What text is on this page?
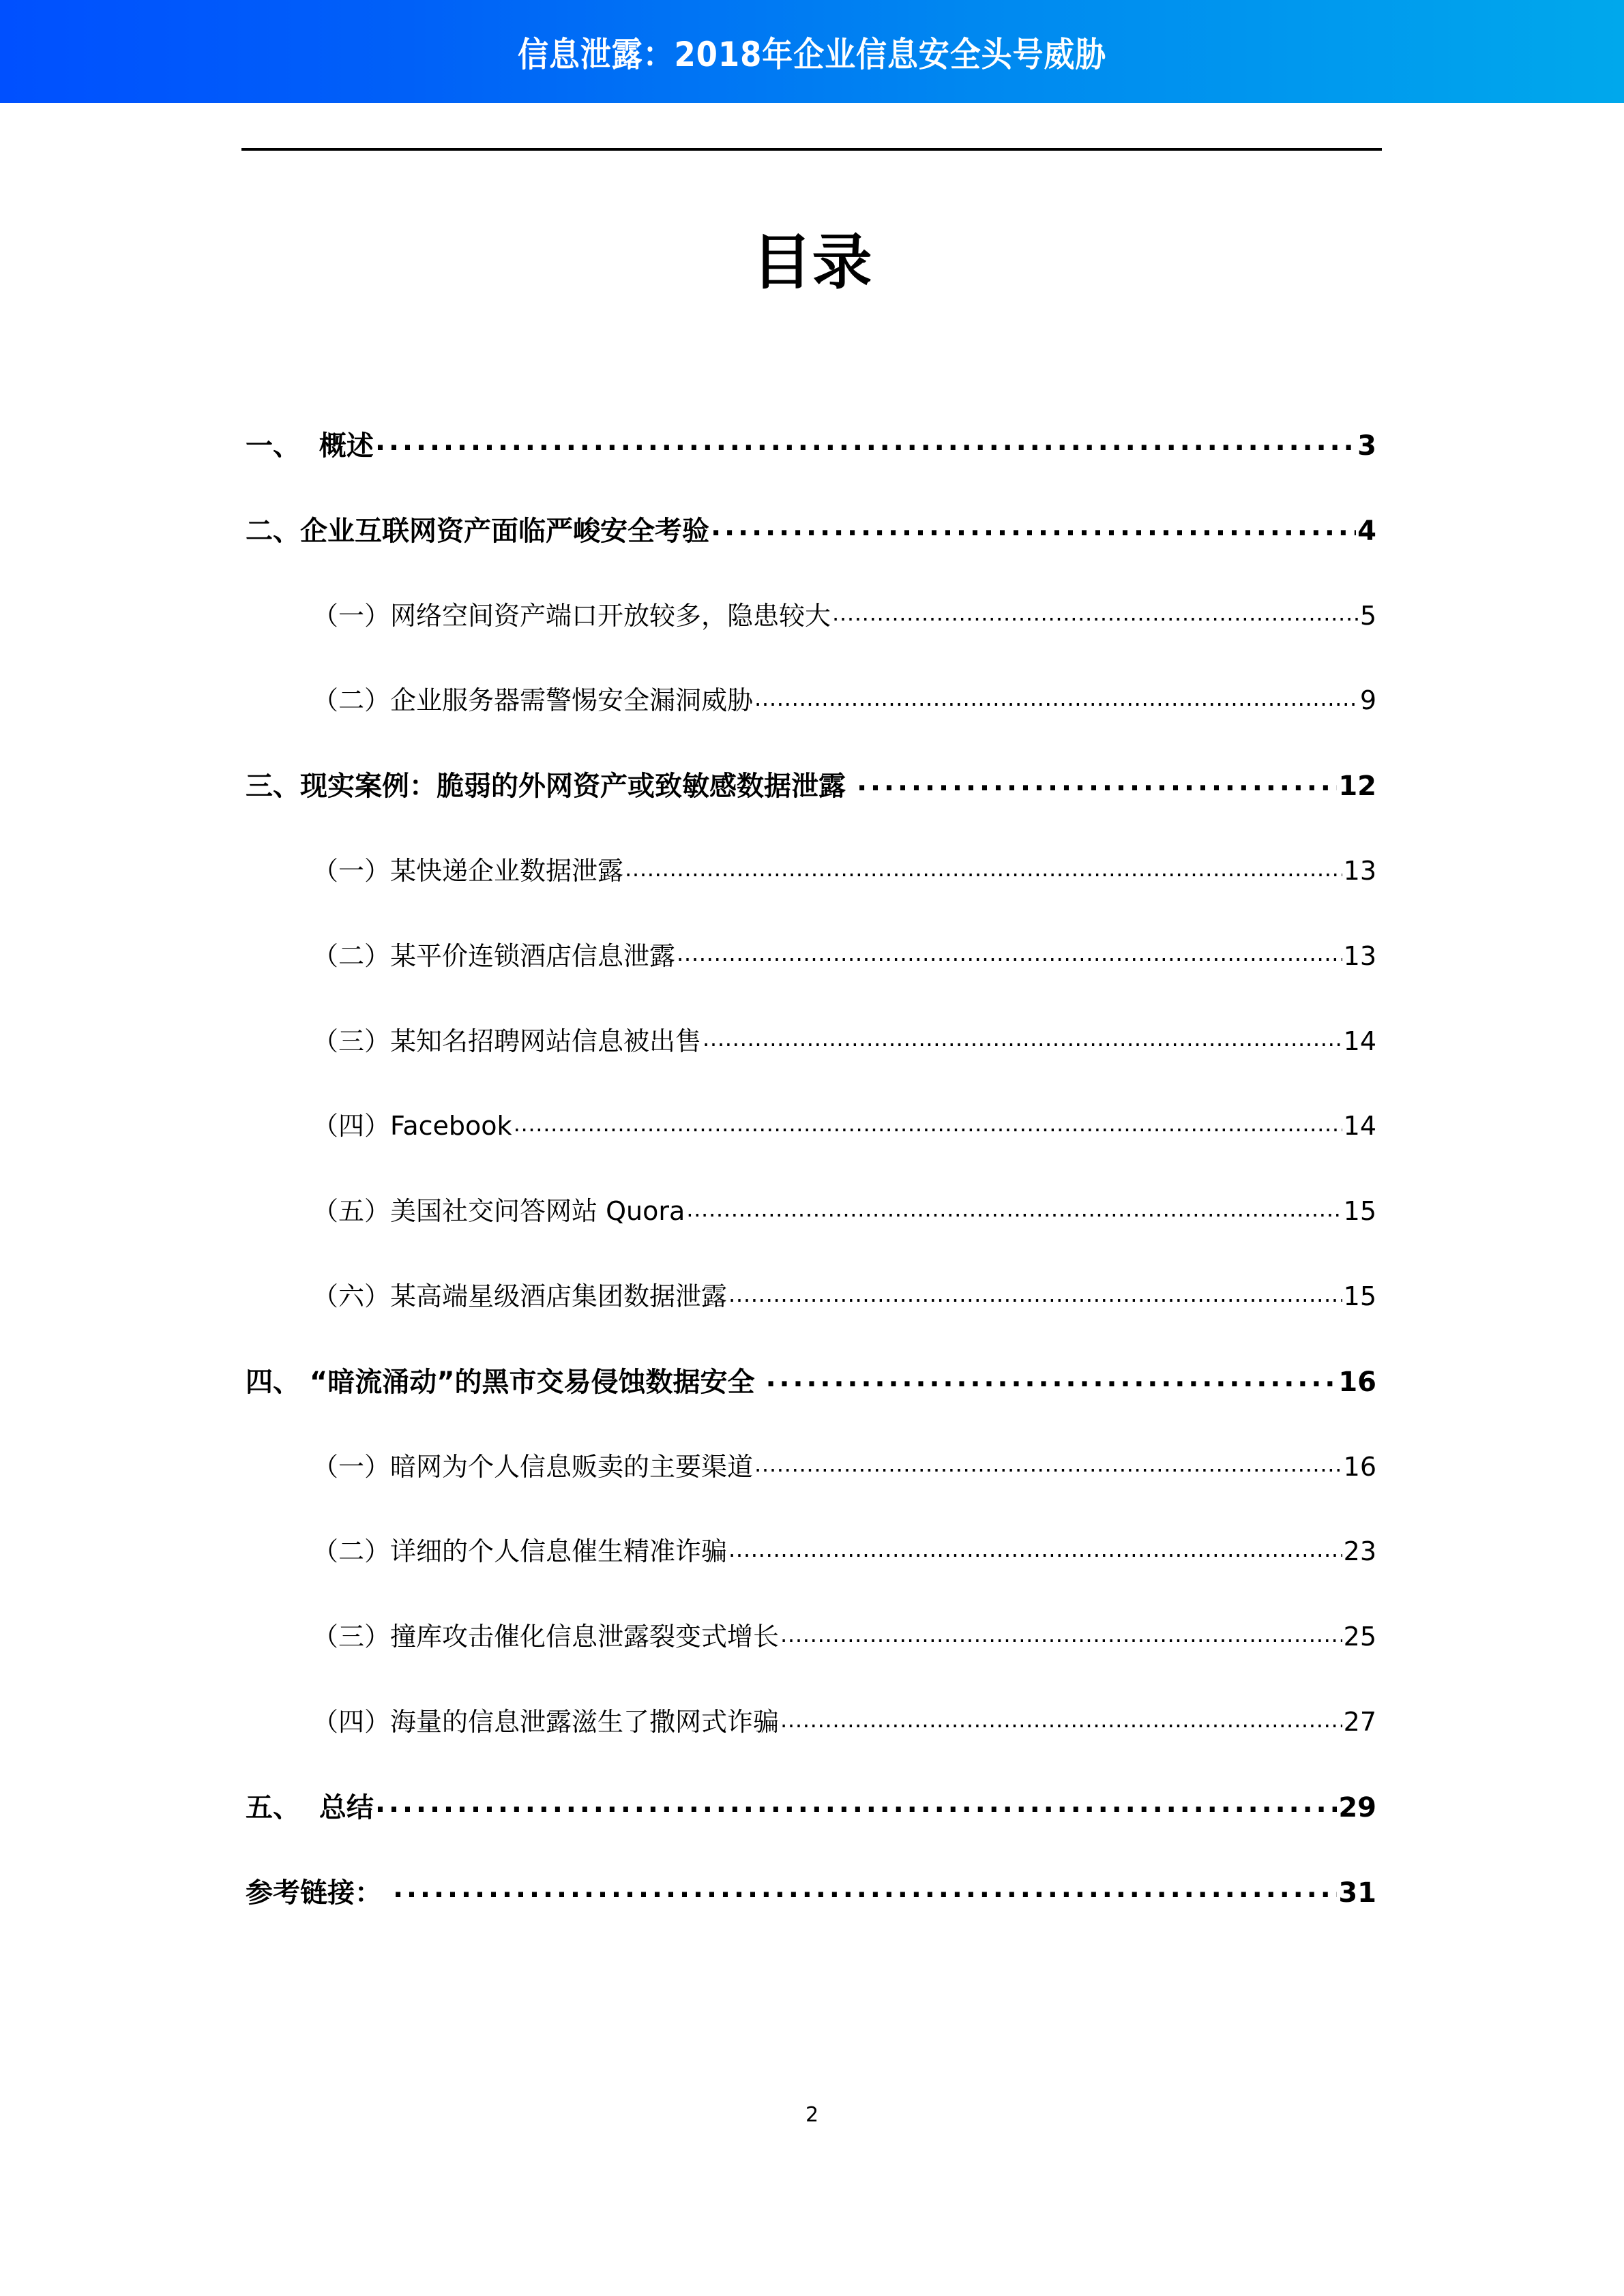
信息泄露：2018年企业信息安全头号威胁
目录
一、  概述 .....	3
二、企业互联网资产面临严峻安全考验 .....	4
（一）网络空间资产端口开放较多，隐患较大 .....	5
（二）企业服务器需警惕安全漏洞威胁 .....	9
三、现实案例：脆弱的外网资产或致敏感数据泄露 .....	12
（一）某快递企业数据泄露 .....	13
（二）某平价连锁酒店信息泄露 .....	13
（三）某知名招聘网站信息被出售 .....	14
（四）Facebook .....	14
（五）美国社交问答网站 Quora .....	15
（六）某高端星级酒店集团数据泄露 .....	15
四、 “暗流涌动”的黑市交易侵蚀数据安全 .....	16
（一）暗网为个人信息贩卖的主要渠道 .....	16
（二）详细的个人信息催生精准诈骗 .....	23
（三）撞库攻击催化信息泄露裂变式增长 .....	25
（四）海量的信息泄露滋生了撒网式诈骗 .....	27
五、  总结 .....	29
参考链接： .....	31
2
